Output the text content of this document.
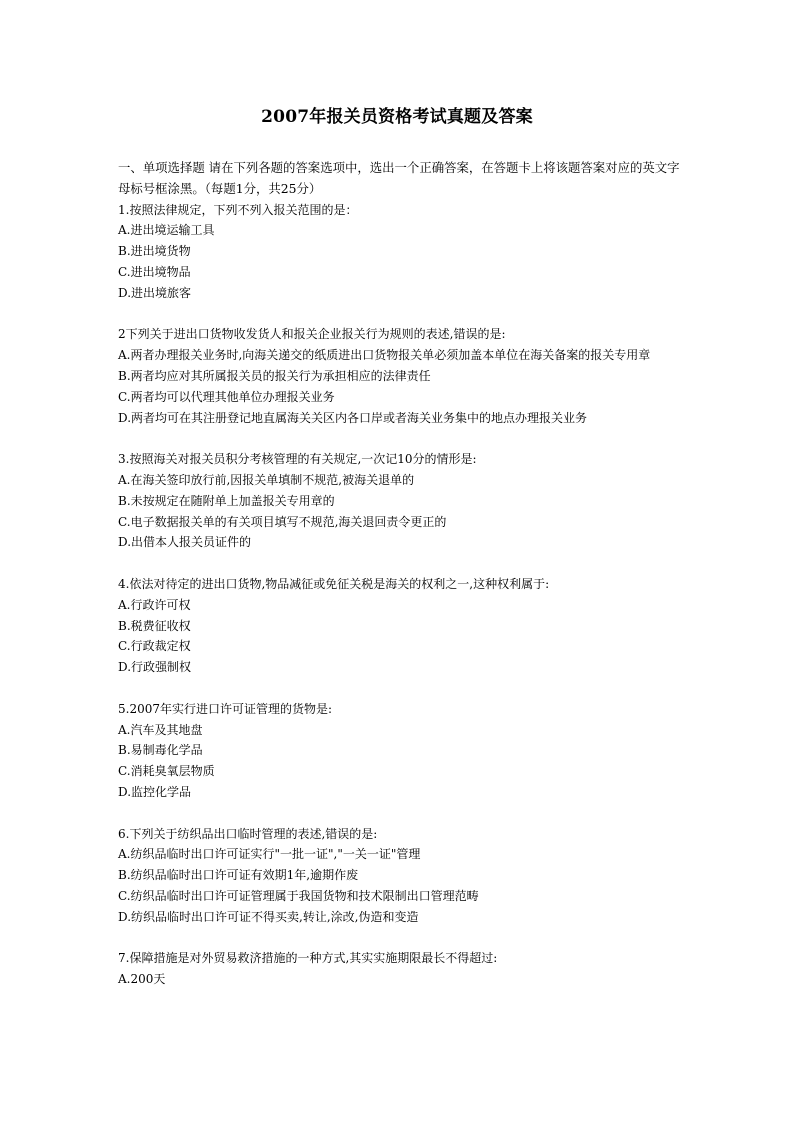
2007年报关员资格考试真题及答案
一、单项选择题 请在下列各题的答案选项中，选出一个正确答案，在答题卡上将该题答案对应的英文字母标号框涂黑。（每题1分，共25分）
1.按照法律规定，下列不列入报关范围的是：
A.进出境运输工具
B.进出境货物
C.进出境物品
D.进出境旅客
2下列关于进出口货物收发货人和报关企业报关行为规则的表述,错误的是:
A.两者办理报关业务时,向海关递交的纸质进出口货物报关单必须加盖本单位在海关备案的报关专用章
B.两者均应对其所属报关员的报关行为承担相应的法律责任
C.两者均可以代理其他单位办理报关业务
D.两者均可在其注册登记地直属海关关区内各口岸或者海关业务集中的地点办理报关业务
3.按照海关对报关员积分考核管理的有关规定,一次记10分的情形是:
A.在海关签印放行前,因报关单填制不规范,被海关退单的
B.未按规定在随附单上加盖报关专用章的
C.电子数据报关单的有关项目填写不规范,海关退回责令更正的
D.出借本人报关员证件的
4.依法对待定的进出口货物,物品减征或免征关税是海关的权利之一,这种权利属于:
A.行政许可权
B.税费征收权
C.行政裁定权
D.行政强制权
5.2007年实行进口许可证管理的货物是:
A.汽车及其地盘
B.易制毒化学品
C.消耗臭氧层物质
D.监控化学品
6.下列关于纺织品出口临时管理的表述,错误的是:
A.纺织品临时出口许可证实行"一批一证","一关一证"管理
B.纺织品临时出口许可证有效期1年,逾期作废
C.纺织品临时出口许可证管理属于我国货物和技术限制出口管理范畴
D.纺织品临时出口许可证不得买卖,转让,涂改,伪造和变造
7.保障措施是对外贸易救济措施的一种方式,其实实施期限最长不得超过:
A.200天
